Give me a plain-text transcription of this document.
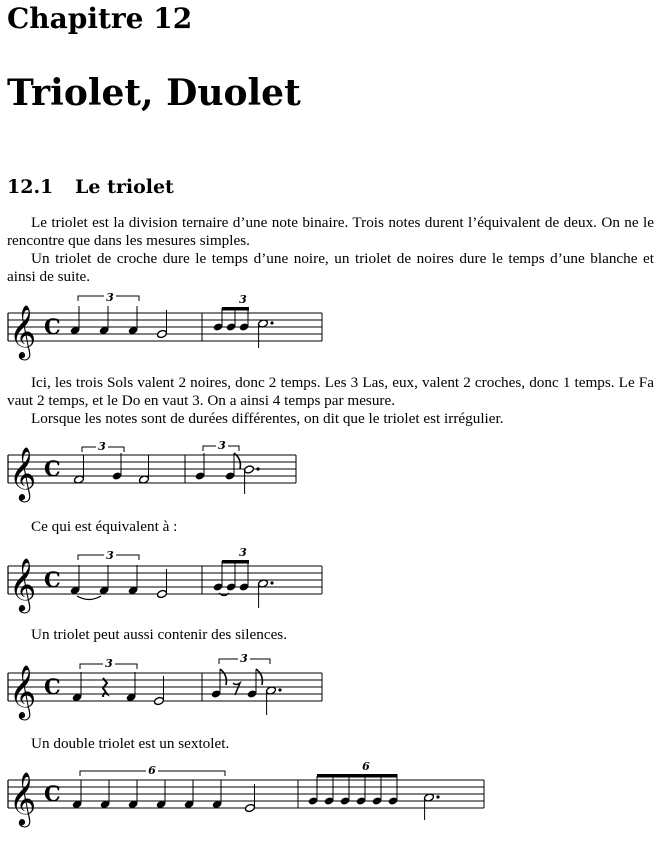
Chapitre 12
Triolet, Duolet
12.1 Le triolet

Le triolet est la division ternaire d’une note binaire. Trois notes durent l’équivalent de deux. On ne le rencontre que dans les mesures simples.

Un triolet de croche dure le temps d’une noire, un triolet de noires dure le temps d’une blanche et ainsi de suite.

𝄞 C
3	3

Ici, les trois Sols valent 2 noires, donc 2 temps. Les 3 Las, eux, valent 2 croches, donc 1 temps. Le Fa vaut 2 temps, et le Do en vaut 3. On a ainsi 4 temps par mesure.

Lorsque les notes sont de durées différentes, on dit que le triolet est irrégulier.

𝄞 C
3	3

Ce qui est équivalent à :

𝄞 C
3	3

Un triolet peut aussi contenir des silences.

𝄞 C
3	3

Un double triolet est un sextolet.

𝄞 C
6	6
